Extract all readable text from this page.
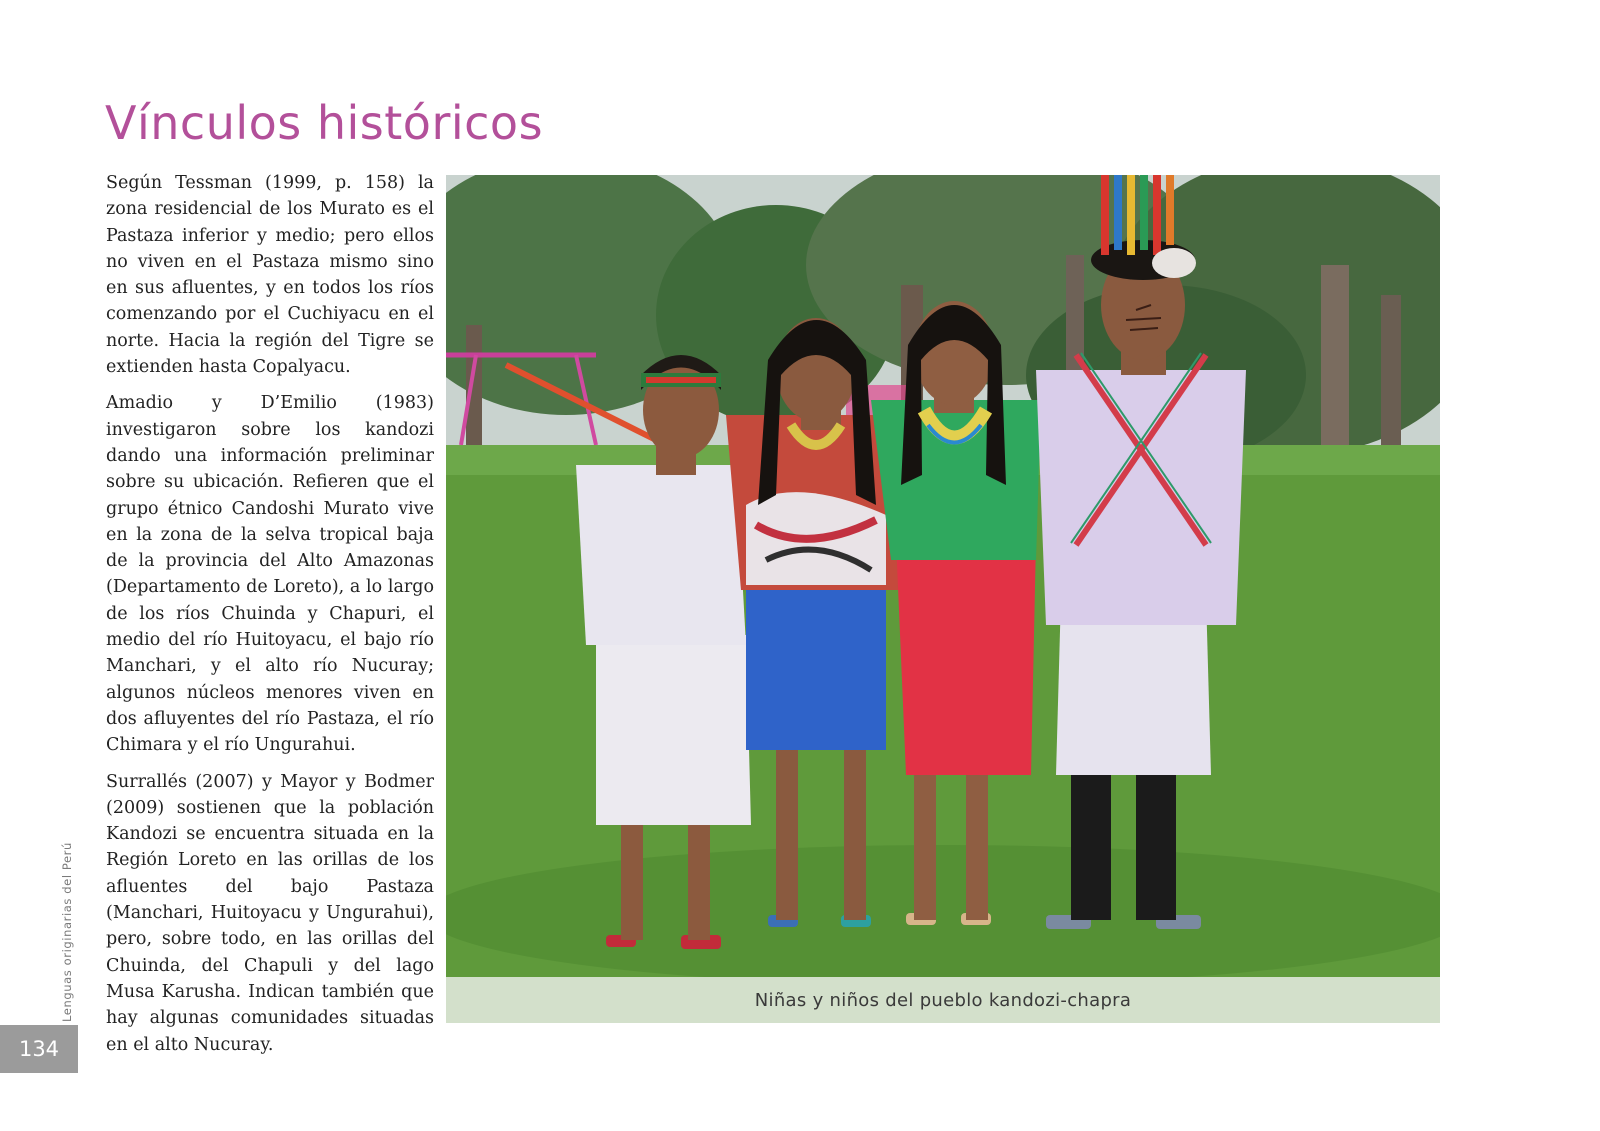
Vínculos históricos

Según Tessman (1999, p. 158) la zona residencial de los Murato es el Pastaza inferior y medio; pero ellos no viven en el Pastaza mismo sino en sus afluentes, y en todos los ríos comenzando por el Cuchiyacu en el norte. Hacia la región del Tigre se extienden hasta Copalyacu.

Amadio y D’Emilio (1983) investigaron sobre los kandozi dando una información preliminar sobre su ubicación. Refieren que el grupo étnico Candoshi Murato vive en la zona de la selva tropical baja de la provincia del Alto Amazonas (Departamento de Loreto), a lo largo de los ríos Chuinda y Chapuri, el medio del río Huitoyacu, el bajo río Manchari, y el alto río Nucuray; algunos núcleos menores viven en dos afluyentes del río Pastaza, el río Chimara y el río Ungurahui.

Surrallés (2007) y Mayor y Bodmer (2009) sostienen que la población Kandozi se encuentra situada en la Región Loreto en las orillas de los afluentes del bajo Pastaza (Manchari, Huitoyacu y Ungurahui), pero, sobre todo, en las orillas del Chuinda, del Chapuli y del lago Musa Karusha. Indican también que hay algunas comunidades situadas en el alto Nucuray.

Niñas y niños del pueblo kandozi-chapra
Lenguas originarias del Perú
134
